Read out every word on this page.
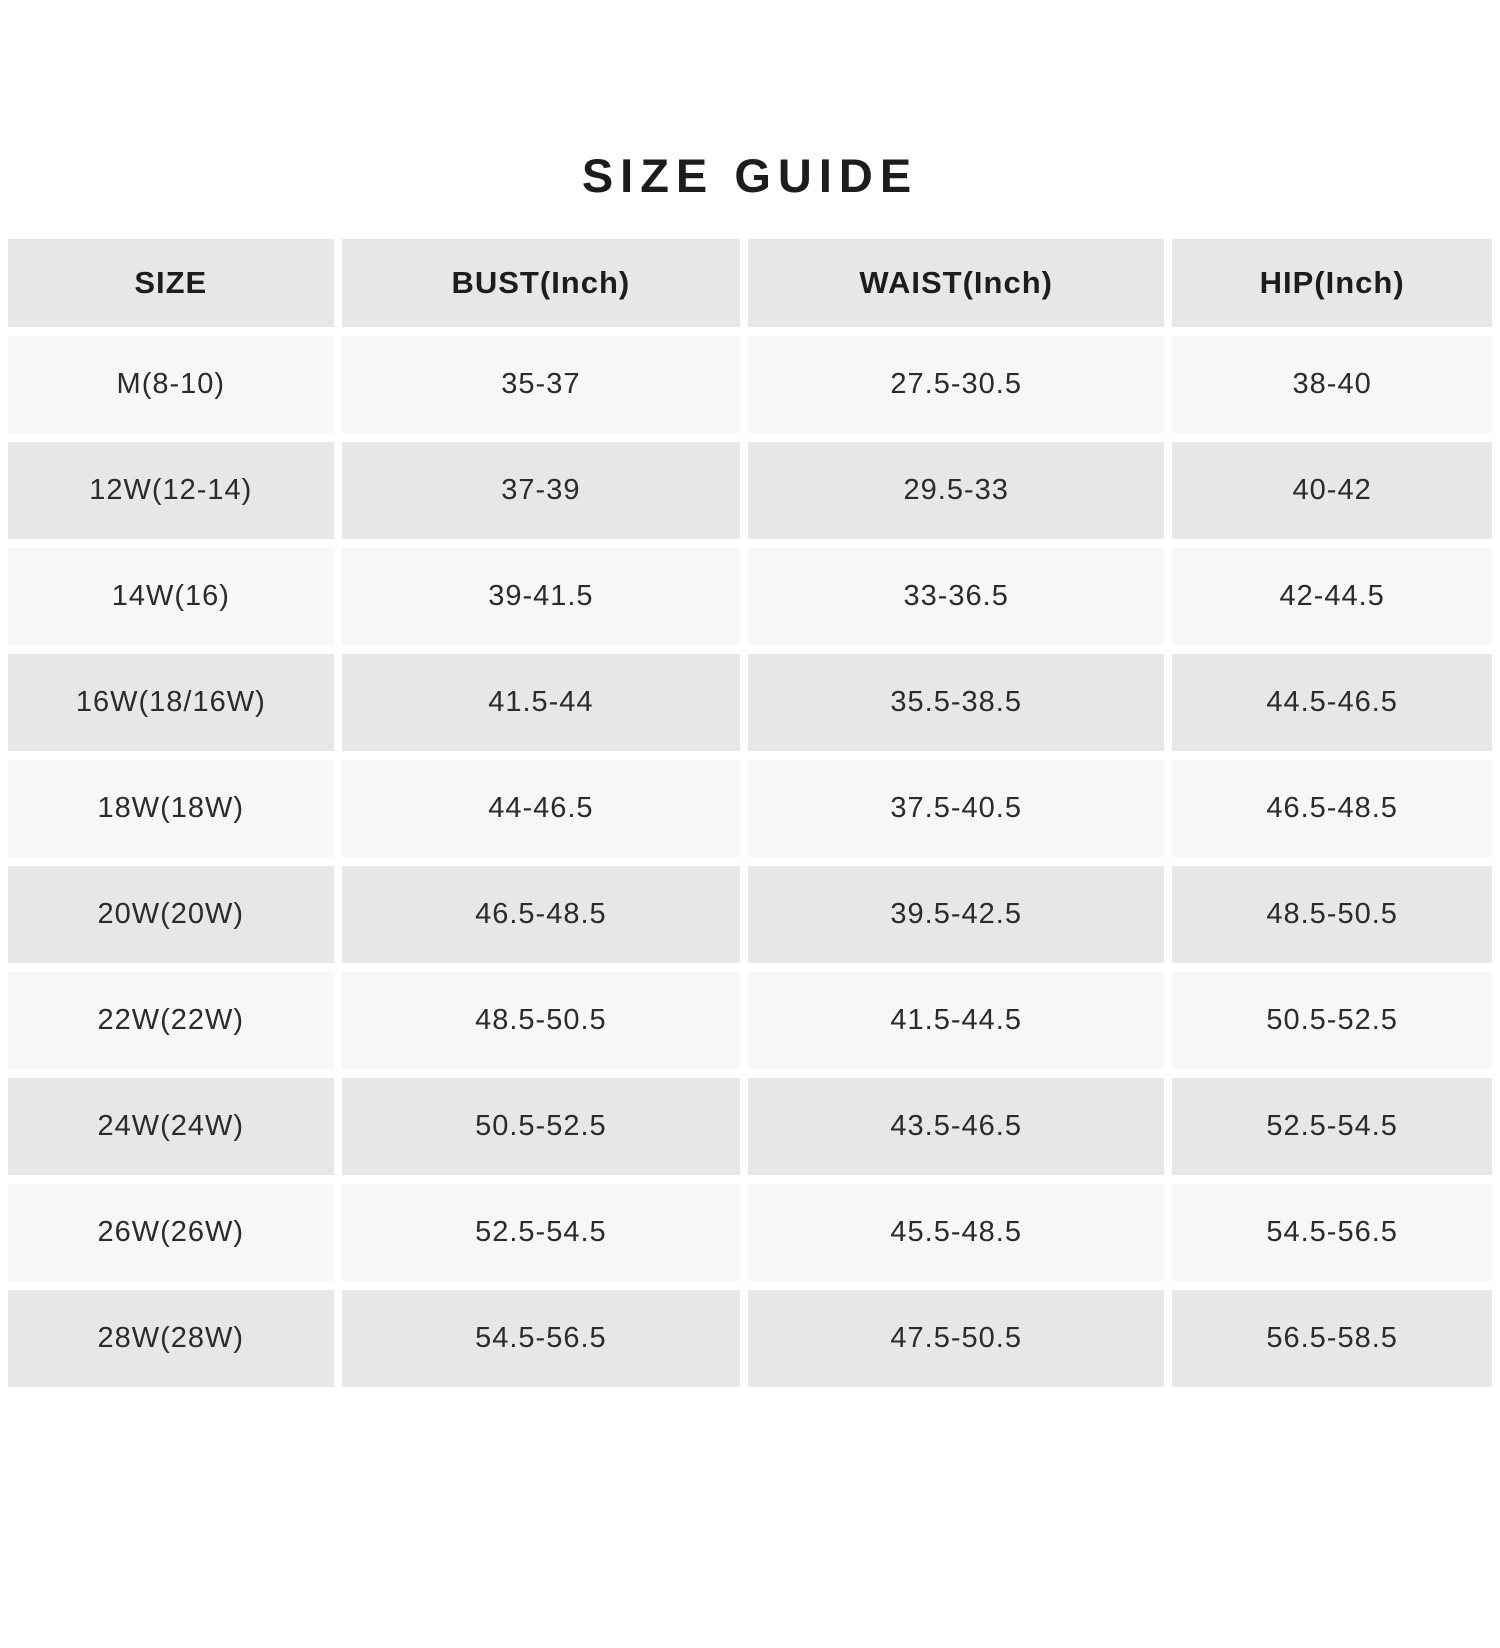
SIZE GUIDE
SIZE	BUST(Inch)	WAIST(Inch)	HIP(Inch)
M(8-10)	35-37	27.5-30.5	38-40
12W(12-14)	37-39	29.5-33	40-42
14W(16)	39-41.5	33-36.5	42-44.5
16W(18/16W)	41.5-44	35.5-38.5	44.5-46.5
18W(18W)	44-46.5	37.5-40.5	46.5-48.5
20W(20W)	46.5-48.5	39.5-42.5	48.5-50.5
22W(22W)	48.5-50.5	41.5-44.5	50.5-52.5
24W(24W)	50.5-52.5	43.5-46.5	52.5-54.5
26W(26W)	52.5-54.5	45.5-48.5	54.5-56.5
28W(28W)	54.5-56.5	47.5-50.5	56.5-58.5
